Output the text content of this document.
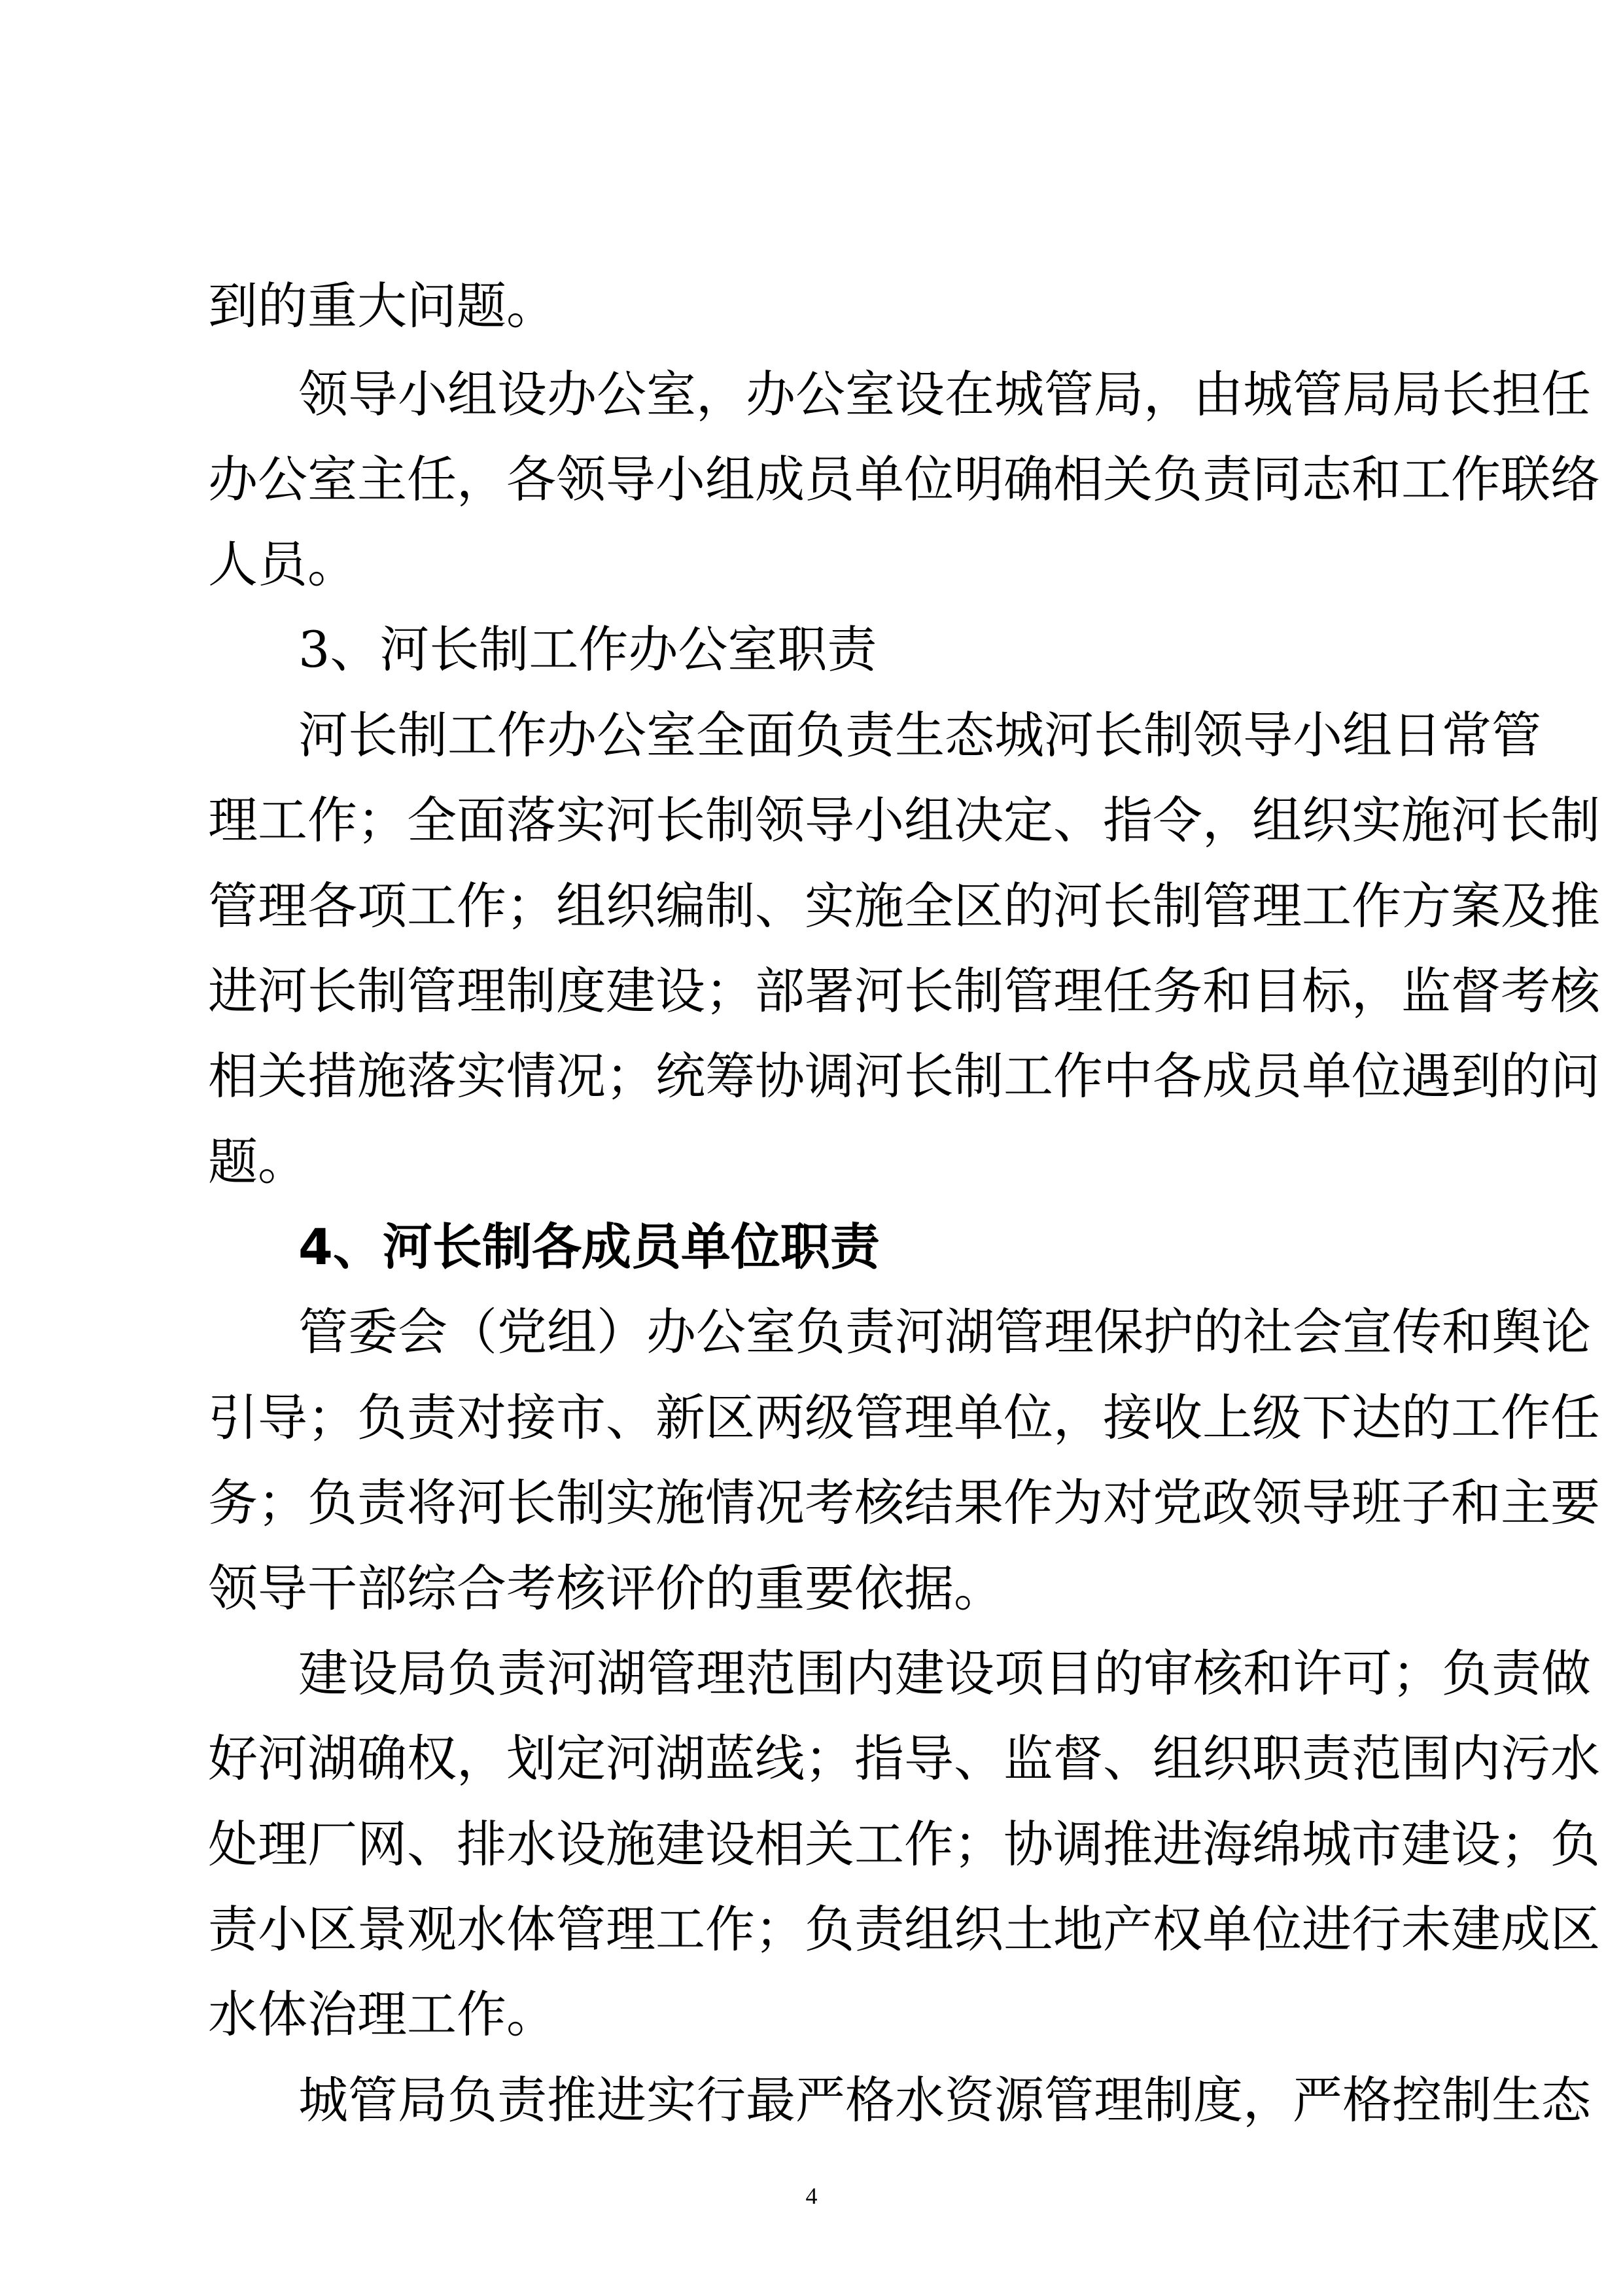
到的重大问题。
领导小组设办公室，办公室设在城管局，由城管局局长担任
办公室主任，各领导小组成员单位明确相关负责同志和工作联络
人员。
3、河长制工作办公室职责
河长制工作办公室全面负责生态城河长制领导小组日常管
理工作；全面落实河长制领导小组决定、指令，组织实施河长制
管理各项工作；组织编制、实施全区的河长制管理工作方案及推
进河长制管理制度建设；部署河长制管理任务和目标，监督考核
相关措施落实情况；统筹协调河长制工作中各成员单位遇到的问
题。
4、河长制各成员单位职责
管委会（党组）办公室负责河湖管理保护的社会宣传和舆论
引导；负责对接市、新区两级管理单位，接收上级下达的工作任
务；负责将河长制实施情况考核结果作为对党政领导班子和主要
领导干部综合考核评价的重要依据。
建设局负责河湖管理范围内建设项目的审核和许可；负责做
好河湖确权，划定河湖蓝线；指导、监督、组织职责范围内污水
处理厂网、排水设施建设相关工作；协调推进海绵城市建设；负
责小区景观水体管理工作；负责组织土地产权单位进行未建成区
水体治理工作。
城管局负责推进实行最严格水资源管理制度，严格控制生态
4
